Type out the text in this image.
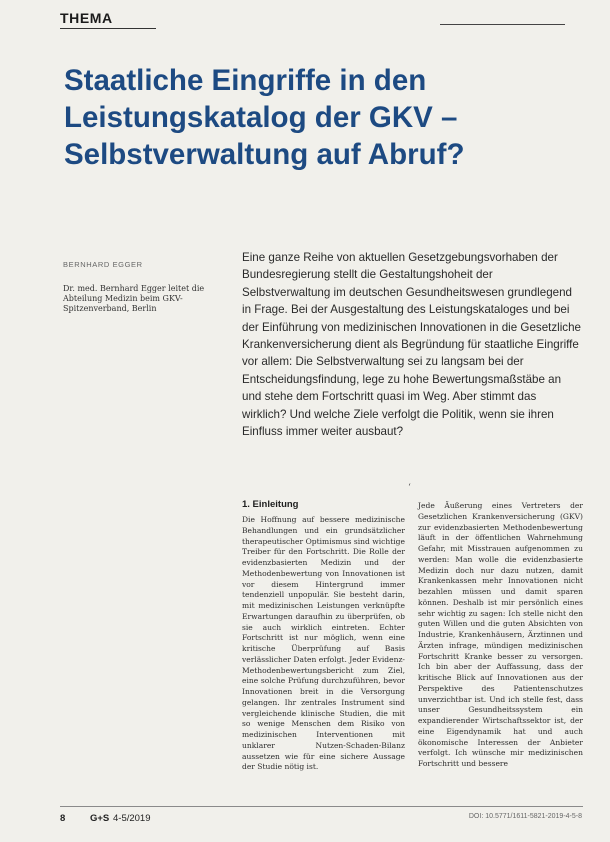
THEMA
Staatliche Eingriffe in den
Leistungskatalog der GKV –
Selbstverwaltung auf Abruf?
BERNHARD EGGER
Dr. med. Bernhard Egger leitet die Abteilung Medizin beim GKV-Spitzenverband, Berlin

Eine ganze Reihe von aktuellen Gesetzgebungsvorhaben der Bundesregierung stellt die Gestaltungshoheit der Selbstverwaltung im deutschen Gesundheitswesen grundlegend in Frage. Bei der Ausgestaltung des Leistungskataloges und bei der Einführung von medizinischen Innovationen in die Gesetzliche Krankenversicherung dient als Begründung für staatliche Eingriffe vor allem: Die Selbstverwaltung sei zu langsam bei der Entscheidungsfindung, lege zu hohe Bewertungsmaßstäbe an und stehe dem Fortschritt quasi im Weg. Aber stimmt das wirklich? Und welche Ziele verfolgt die Politik, wenn sie ihren Einfluss immer weiter ausbaut?

‘
1. Einleitung

Die Hoffnung auf bessere medizinische Behandlungen und ein grundsätzlicher therapeutischer Optimismus sind wichtige Treiber für den Fortschritt. Die Rolle der evidenzbasierten Medizin und der Methodenbewertung von Innovationen ist vor diesem Hintergrund immer tendenziell unpopulär. Sie besteht darin, mit medizinischen Leistungen verknüpfte Erwartungen daraufhin zu überprüfen, ob sie auch wirklich eintreten. Echter Fortschritt ist nur möglich, wenn eine kritische Überprüfung auf Basis verlässlicher Daten erfolgt. Jeder Evidenz-Methodenbewertungsbericht zum Ziel, eine solche Prüfung durchzuführen, bevor Innovationen breit in die Versorgung gelangen. Ihr zentrales Instrument sind vergleichende klinische Studien, die mit so wenige Menschen dem Risiko von medizinischen Interventionen mit unklarer Nutzen-Schaden-Bilanz aussetzen wie für eine sichere Aussage der Studie nötig ist.

Jede Äußerung eines Vertreters der Gesetzlichen Krankenversicherung (GKV) zur evidenzbasierten Methodenbewertung läuft in der öffentlichen Wahrnehmung Gefahr, mit Misstrauen aufgenommen zu werden: Man wolle die evidenzbasierte Medizin doch nur dazu nutzen, damit Krankenkassen mehr Innovationen nicht bezahlen müssen und damit sparen können. Deshalb ist mir persönlich eines sehr wichtig zu sagen: Ich stelle nicht den guten Willen und die guten Absichten von Industrie, Krankenhäusern, Ärztinnen und Ärzten infrage, mündigen medizinischen Fortschritt Kranke besser zu versorgen. Ich bin aber der Auffassung, dass der kritische Blick auf Innovationen aus der Perspektive des Patientenschutzes unverzichtbar ist. Und ich stelle fest, dass unser Gesundheitssystem ein expandierender Wirtschaftssektor ist, der eine Eigendynamik hat und auch ökonomische Interessen der Anbieter verfolgt. Ich wünsche mir medizinischen Fortschritt und bessere

8	G+S 4-5/2019	DOI: 10.5771/1611-5821-2019-4-5-8
